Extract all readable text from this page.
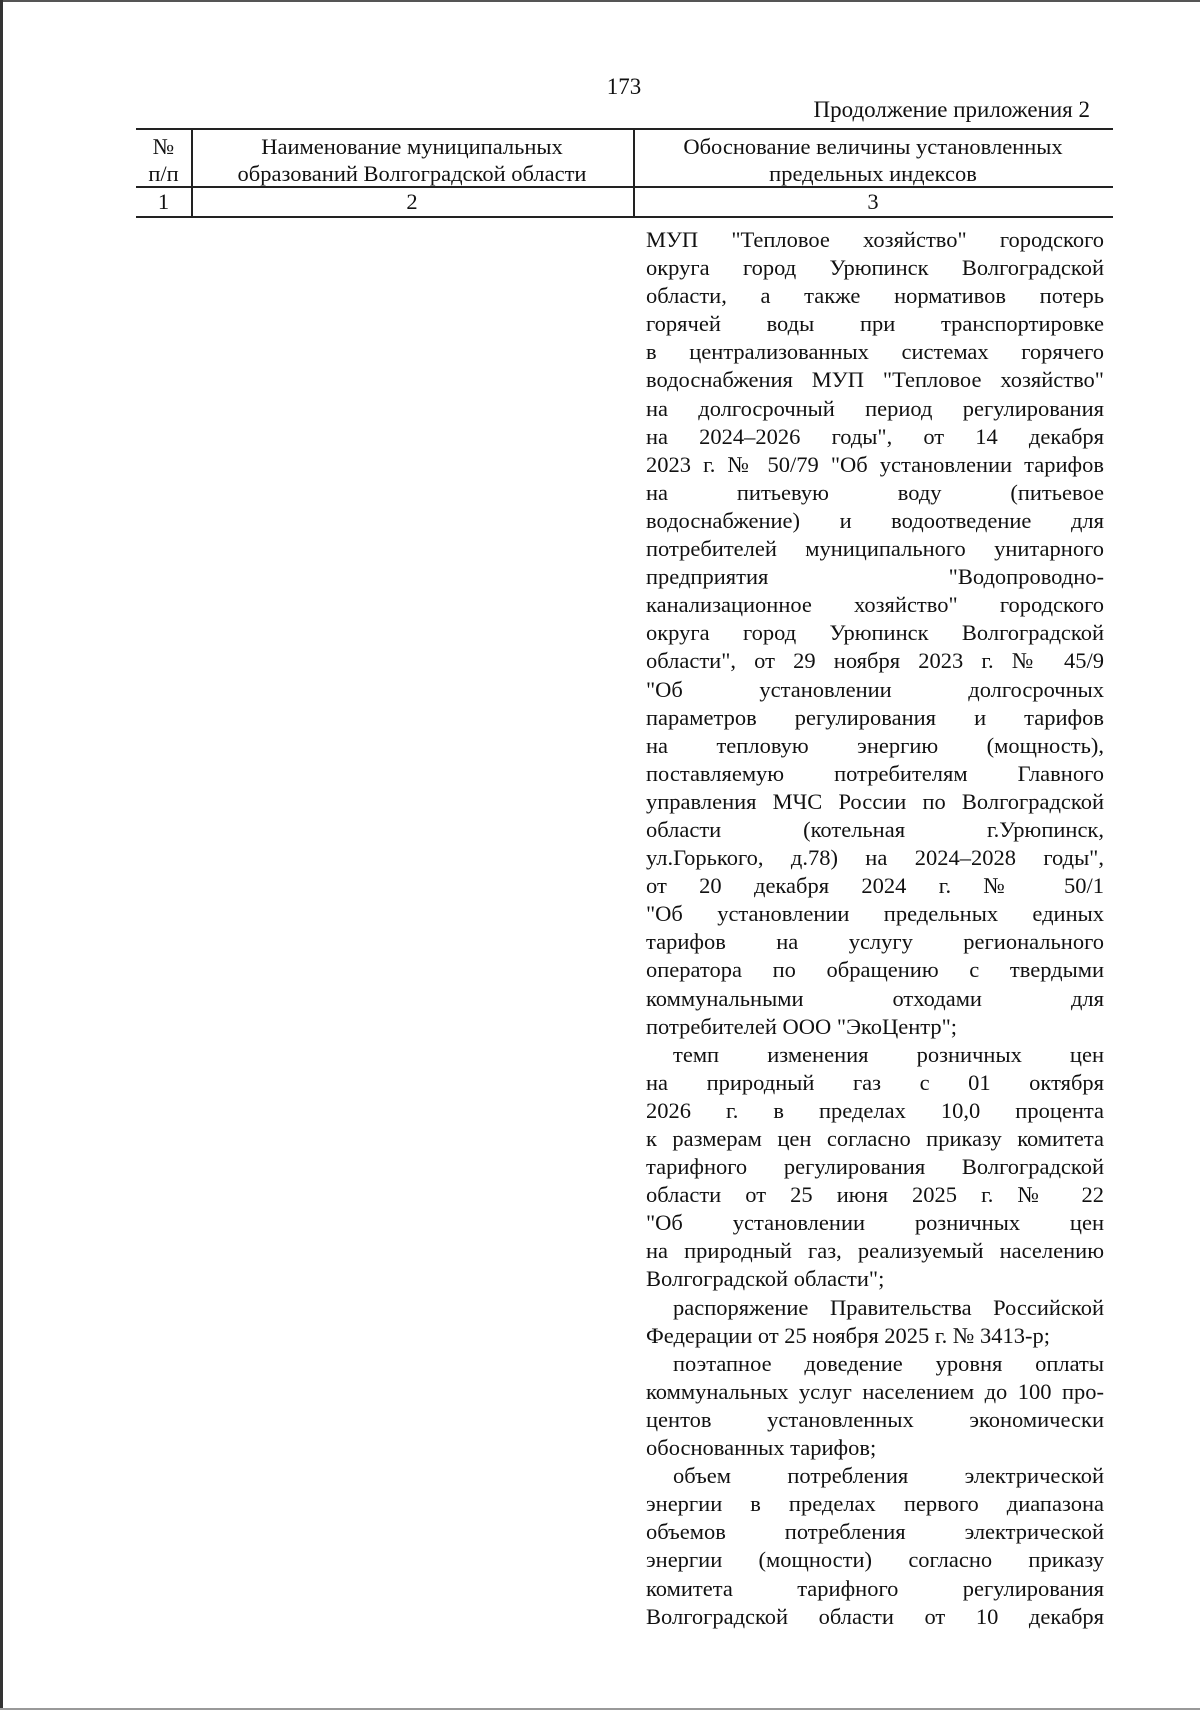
173
Продолжение приложения 2
№
п/п
Наименование муниципальных
образований Волгоградской области
Обоснование величины установленных
предельных индексов
1	2	3
МУП "Тепловое хозяйство" городского
округа город Урюпинск Волгоградской
области, а также нормативов потерь
горячей воды при транспортировке
в централизованных системах горячего
водоснабжения МУП "Тепловое хозяйство"
на долгосрочный период регулирования
на 2024–2026 годы", от 14 декабря
2023 г. № 50/79 "Об установлении тарифов
на питьевую воду (питьевое
водоснабжение) и водоотведение для
потребителей муниципального унитарного
предприятия "Водопроводно-
канализационное хозяйство" городского
округа город Урюпинск Волгоградской
области", от 29 ноября 2023 г. № 45/9
"Об установлении долгосрочных
параметров регулирования и тарифов
на тепловую энергию (мощность),
поставляемую потребителям Главного
управления МЧС России по Волгоградской
области (котельная г.Урюпинск,
ул.Горького, д.78) на 2024–2028 годы",
от 20 декабря 2024 г. № 50/1
"Об установлении предельных единых
тарифов на услугу регионального
оператора по обращению с твердыми
коммунальными отходами для
потребителей ООО "ЭкоЦентр";
темп изменения розничных цен
на природный газ с 01 октября
2026 г. в пределах 10,0 процента
к размерам цен согласно приказу комитета
тарифного регулирования Волгоградской
области от 25 июня 2025 г. № 22
"Об установлении розничных цен
на природный газ, реализуемый населению
Волгоградской области";
распоряжение Правительства Российской
Федерации от 25 ноября 2025 г. № 3413-р;
поэтапное доведение уровня оплаты
коммунальных услуг населением до 100 про-
центов установленных экономически
обоснованных тарифов;
объем потребления электрической
энергии в пределах первого диапазона
объемов потребления электрической
энергии (мощности) согласно приказу
комитета тарифного регулирования
Волгоградской области от 10 декабря
